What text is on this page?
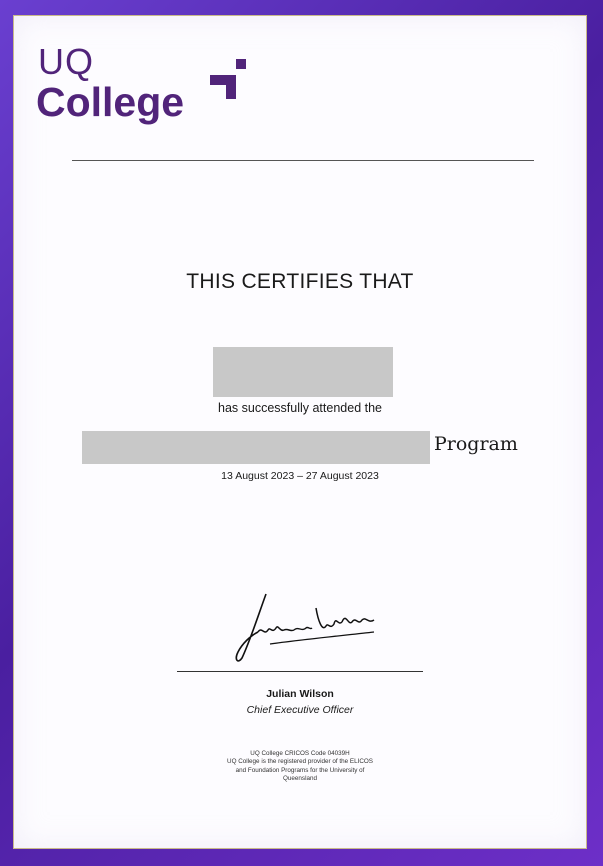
UQ
College
THIS CERTIFIES THAT
has successfully attended the
Program
13 August 2023 – 27 August 2023
Julian Wilson
Chief Executive Officer
UQ College CRICOS Code 04039H
UQ College is the registered provider of the ELICOS
and Foundation Programs for the University of
Queensland
